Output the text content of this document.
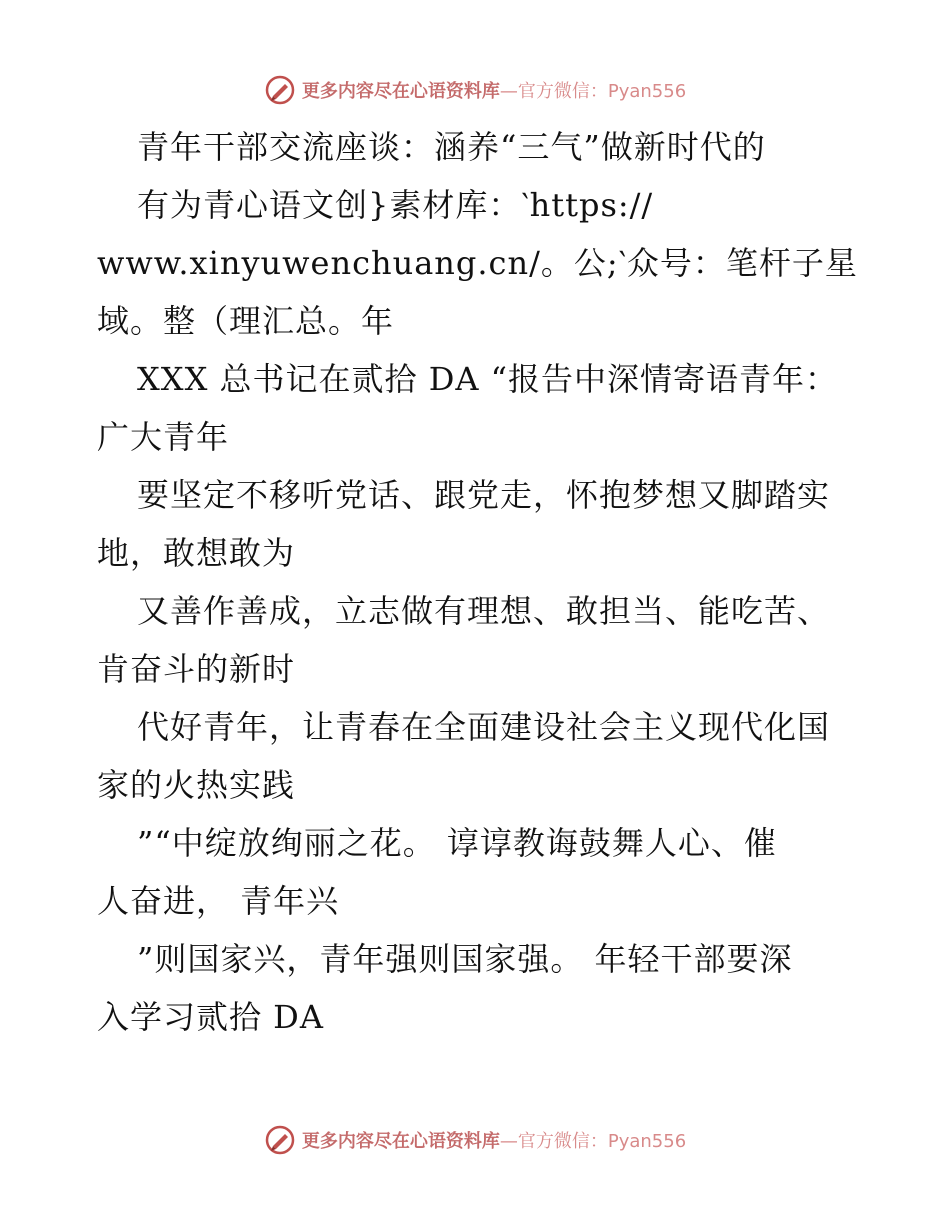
更多内容尽在心语资料库—官方微信：Pyan556
青年干部交流座谈：涵养“三气”做新时代的
有为青心语文创}素材库：‵https://
www.xinyuwenchuang.cn/。公;‵众号：笔杆子星
域。整（理汇总。年
XXX 总书记在贰拾 DA “报告中深情寄语青年：
广大青年
要坚定不移听党话、跟党走，怀抱梦想又脚踏实
地，敢想敢为
又善作善成，立志做有理想、敢担当、能吃苦、
肯奋斗的新时
代好青年，让青春在全面建设社会主义现代化国
家的火热实践
”“中绽放绚丽之花。 谆谆教诲鼓舞人心、催
人奋进， 青年兴
”则国家兴，青年强则国家强。 年轻干部要深
入学习贰拾 DA
更多内容尽在心语资料库—官方微信：Pyan556
